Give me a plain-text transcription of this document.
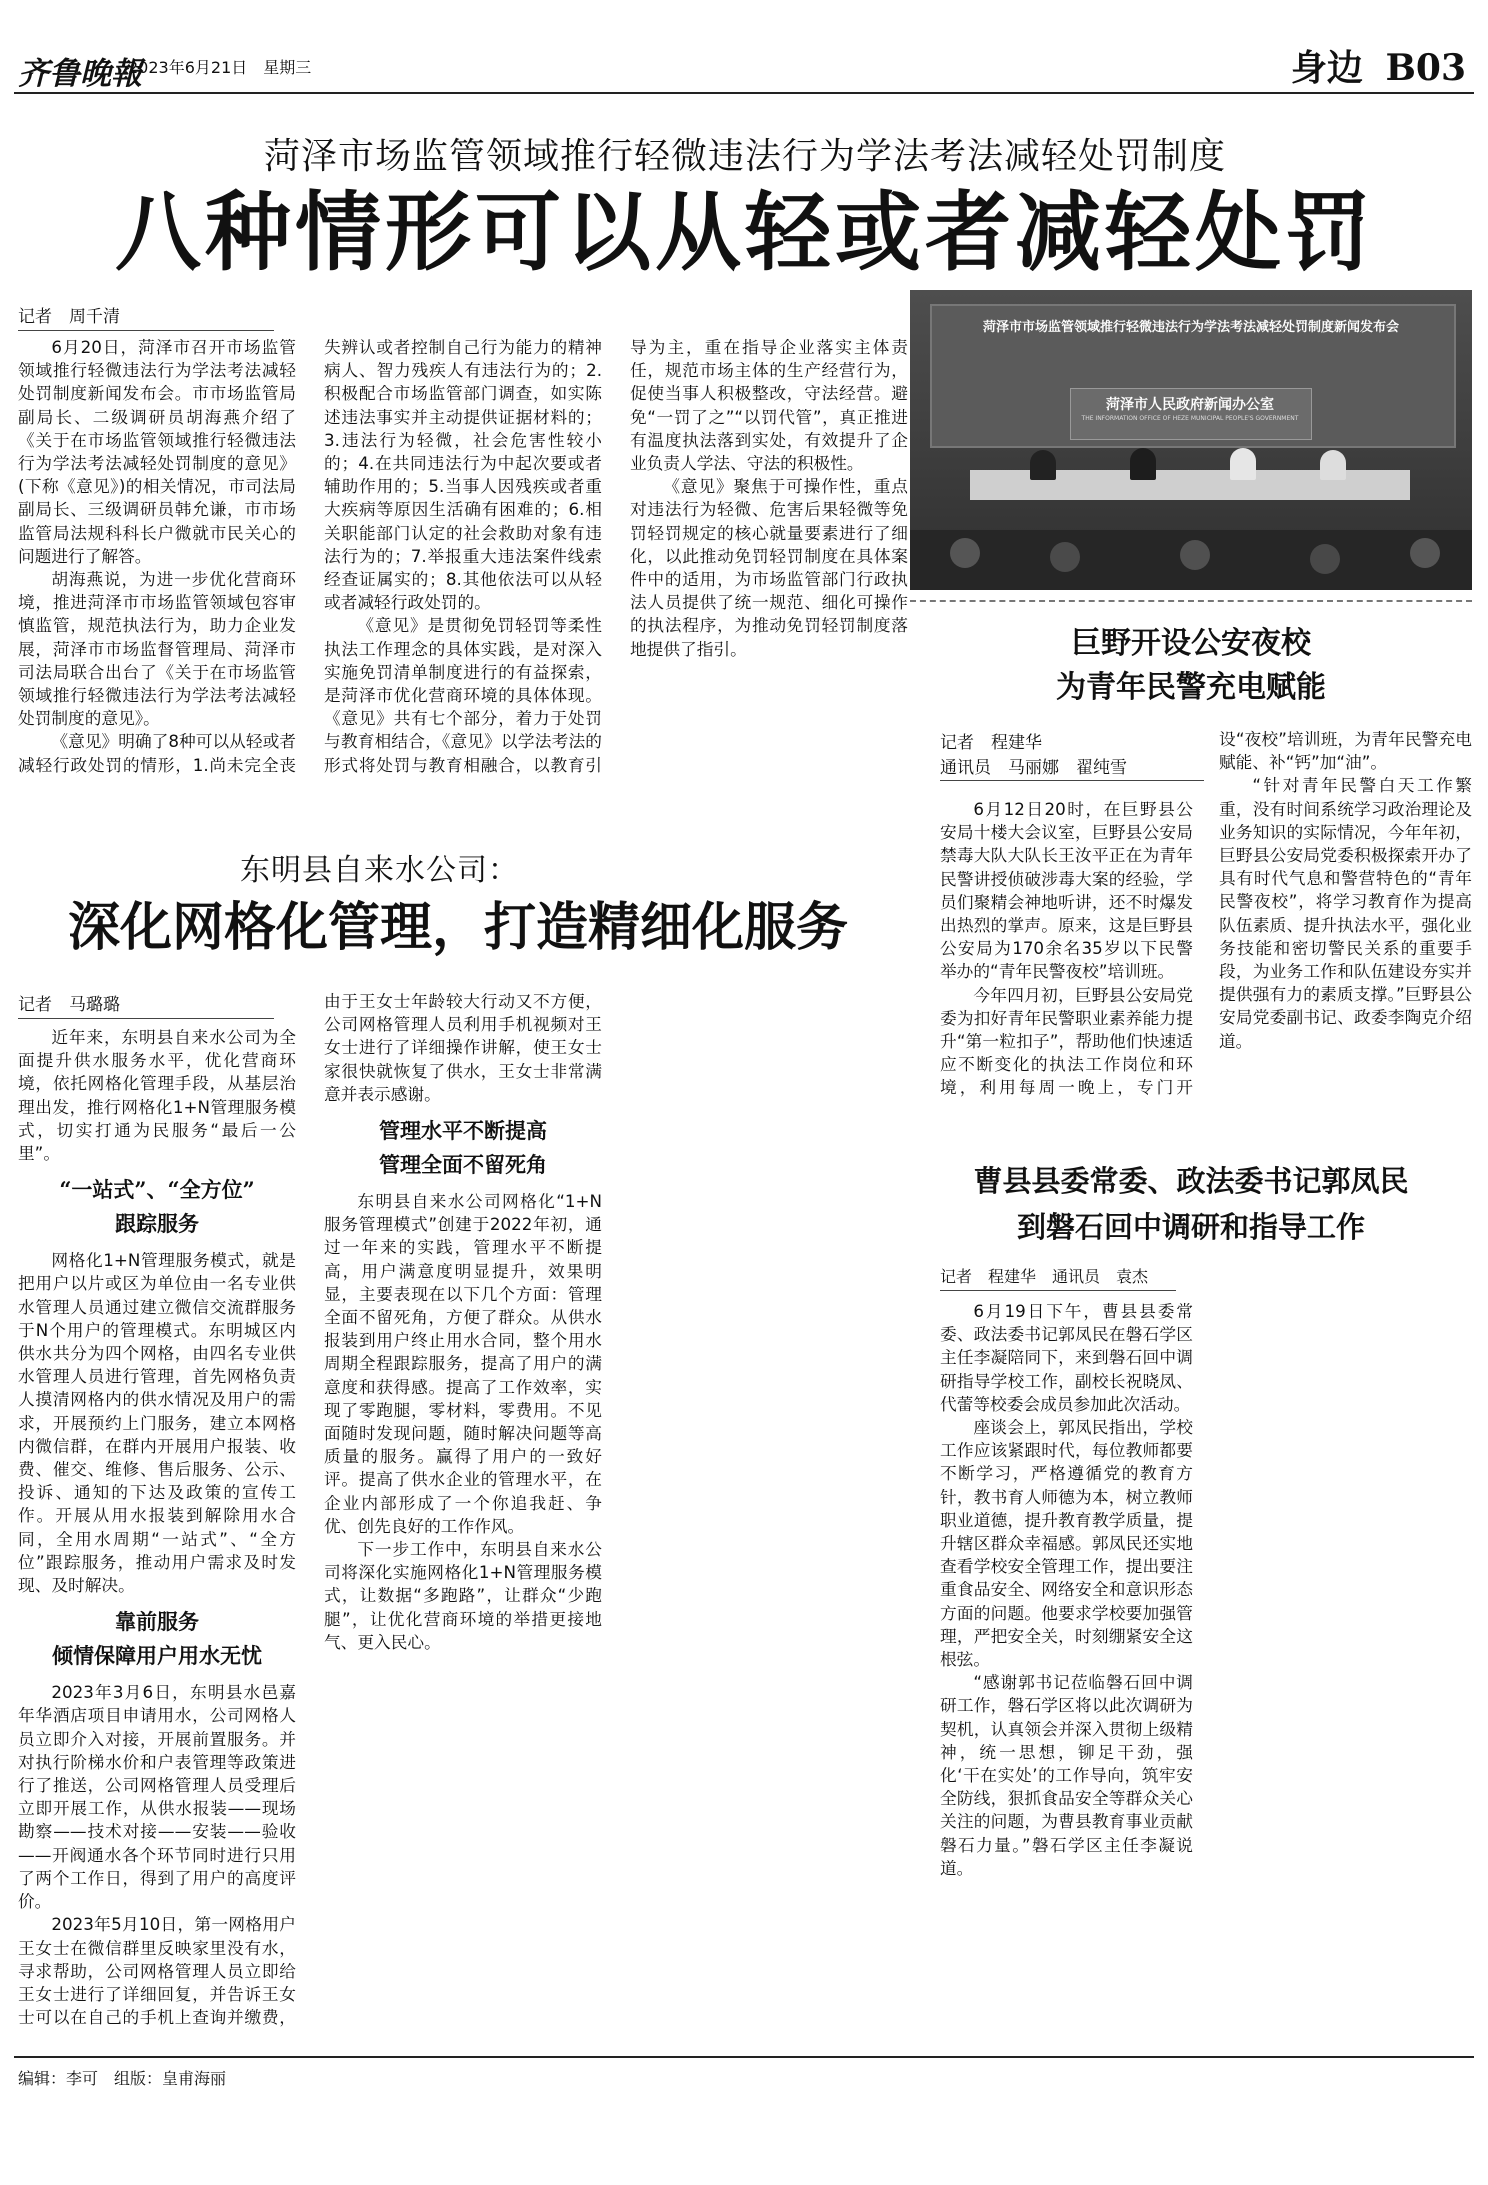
齐鲁晚報
2023年6月21日　星期三	身边 B03
菏泽市场监管领域推行轻微违法行为学法考法减轻处罚制度
八种情形可以从轻或者减轻处罚
记者　周千清

6月20日，菏泽市召开市场监管领域推行轻微违法行为学法考法减轻处罚制度新闻发布会。市市场监管局副局长、二级调研员胡海燕介绍了《关于在市场监管领域推行轻微违法行为学法考法减轻处罚制度的意见》(下称《意见》)的相关情况，市司法局副局长、三级调研员韩允谦，市市场监管局法规科科长户微就市民关心的问题进行了解答。

胡海燕说，为进一步优化营商环境，推进菏泽市市场监管领域包容审慎监管，规范执法行为，助力企业发展，菏泽市市场监督管理局、菏泽市司法局联合出台了《关于在市场监管领域推行轻微违法行为学法考法减轻处罚制度的意见》。

《意见》明确了8种可以从轻或者减轻行政处罚的情形，1.尚未完全丧失辨认或者控制自己行为能力的精神病人、智力残疾人有违法行为的；2.积极配合市场监管部门调查，如实陈述违法事实并主动提供证据材料的；3.违法行为轻微，社会危害性较小的；4.在共同违法行为中起次要或者辅助作用的；5.当事人因残疾或者重大疾病等原因生活确有困难的；6.相关职能部门认定的社会救助对象有违法行为的；7.举报重大违法案件线索经查证属实的；8.其他依法可以从轻或者减轻行政处罚的。

《意见》是贯彻免罚轻罚等柔性执法工作理念的具体实践，是对深入实施免罚清单制度进行的有益探索，是菏泽市优化营商环境的具体体现。《意见》共有七个部分，着力于处罚与教育相结合，《意见》以学法考法的形式将处罚与教育相融合，以教育引导为主，重在指导企业落实主体责任，规范市场主体的生产经营行为，促使当事人积极整改，守法经营。避免“一罚了之”“以罚代管”，真正推进有温度执法落到实处，有效提升了企业负责人学法、守法的积极性。

《意见》聚焦于可操作性，重点对违法行为轻微、危害后果轻微等免罚轻罚规定的核心就量要素进行了细化，以此推动免罚轻罚制度在具体案件中的适用，为市场监管部门行政执法人员提供了统一规范、细化可操作的执法程序，为推动免罚轻罚制度落地提供了指引。

菏泽市市场监管领域推行轻微违法行为学法考法减轻处罚制度新闻发布会
菏泽市人民政府新闻办公室
THE INFORMATION OFFICE OF HEZE MUNICIPAL PEOPLE'S GOVERNMENT
巨野开设公安夜校
为青年民警充电赋能
记者　程建华
通讯员　马丽娜　翟纯雪

6月12日20时，在巨野县公安局十楼大会议室，巨野县公安局禁毒大队大队长王汝平正在为青年民警讲授侦破涉毒大案的经验，学员们聚精会神地听讲，还不时爆发出热烈的掌声。原来，这是巨野县公安局为170余名35岁以下民警举办的“青年民警夜校”培训班。

今年四月初，巨野县公安局党委为扣好青年民警职业素养能力提升“第一粒扣子”，帮助他们快速适应不断变化的执法工作岗位和环境，利用每周一晚上，专门开设“夜校”培训班，为青年民警充电赋能、补“钙”加“油”。

“针对青年民警白天工作繁重，没有时间系统学习政治理论及业务知识的实际情况，今年年初，巨野县公安局党委积极探索开办了具有时代气息和警营特色的“青年民警夜校”，将学习教育作为提高队伍素质、提升执法水平，强化业务技能和密切警民关系的重要手段，为业务工作和队伍建设夯实并提供强有力的素质支撑。”巨野县公安局党委副书记、政委李陶克介绍道。

曹县县委常委、政法委书记郭凤民
到磐石回中调研和指导工作
记者　程建华　通讯员　袁杰

6月19日下午，曹县县委常委、政法委书记郭凤民在磐石学区主任李凝陪同下，来到磐石回中调研指导学校工作，副校长祝晓凤、代蕾等校委会成员参加此次活动。

座谈会上，郭凤民指出，学校工作应该紧跟时代，每位教师都要不断学习，严格遵循党的教育方针，教书育人师德为本，树立教师职业道德，提升教育教学质量，提升辖区群众幸福感。郭凤民还实地查看学校安全管理工作，提出要注重食品安全、网络安全和意识形态方面的问题。他要求学校要加强管理，严把安全关，时刻绷紧安全这根弦。

“感谢郭书记莅临磐石回中调研工作，磐石学区将以此次调研为契机，认真领会并深入贯彻上级精神，统一思想，铆足干劲，强化‘干在实处’的工作导向，筑牢安全防线，狠抓食品安全等群众关心关注的问题，为曹县教育事业贡献磐石力量。”磐石学区主任李凝说道。

东明县自来水公司：
深化网格化管理，打造精细化服务
记者　马璐璐

近年来，东明县自来水公司为全面提升供水服务水平，优化营商环境，依托网格化管理手段，从基层治理出发，推行网格化1+N管理服务模式，切实打通为民服务“最后一公里”。

“一站式”、“全方位”
跟踪服务

网格化1+N管理服务模式，就是把用户以片或区为单位由一名专业供水管理人员通过建立微信交流群服务于N个用户的管理模式。东明城区内供水共分为四个网格，由四名专业供水管理人员进行管理，首先网格负责人摸清网格内的供水情况及用户的需求，开展预约上门服务，建立本网格内微信群，在群内开展用户报装、收费、催交、维修、售后服务、公示、投诉、通知的下达及政策的宣传工作。开展从用水报装到解除用水合同，全用水周期“一站式”、“全方位”跟踪服务，推动用户需求及时发现、及时解决。

靠前服务
倾情保障用户用水无忧

2023年3月6日，东明县水邑嘉年华酒店项目申请用水，公司网格人员立即介入对接，开展前置服务。并对执行阶梯水价和户表管理等政策进行了推送，公司网格管理人员受理后立即开展工作，从供水报装——现场勘察——技术对接——安装——验收——开阀通水各个环节同时进行只用了两个工作日，得到了用户的高度评价。

2023年5月10日，第一网格用户王女士在微信群里反映家里没有水，寻求帮助，公司网格管理人员立即给王女士进行了详细回复，并告诉王女士可以在自己的手机上查询并缴费，由于王女士年龄较大行动又不方便，公司网格管理人员利用手机视频对王女士进行了详细操作讲解，使王女士家很快就恢复了供水，王女士非常满意并表示感谢。

管理水平不断提高
管理全面不留死角

东明县自来水公司网格化“1+N服务管理模式”创建于2022年初，通过一年来的实践，管理水平不断提高，用户满意度明显提升，效果明显，主要表现在以下几个方面：管理全面不留死角，方便了群众。从供水报装到用户终止用水合同，整个用水周期全程跟踪服务，提高了用户的满意度和获得感。提高了工作效率，实现了零跑腿，零材料，零费用。不见面随时发现问题，随时解决问题等高质量的服务。赢得了用户的一致好评。提高了供水企业的管理水平，在企业内部形成了一个你追我赶、争优、创先良好的工作作风。

下一步工作中，东明县自来水公司将深化实施网格化1+N管理服务模式，让数据“多跑路”，让群众“少跑腿”，让优化营商环境的举措更接地气、更入民心。

编辑：李可　组版：皇甫海丽
